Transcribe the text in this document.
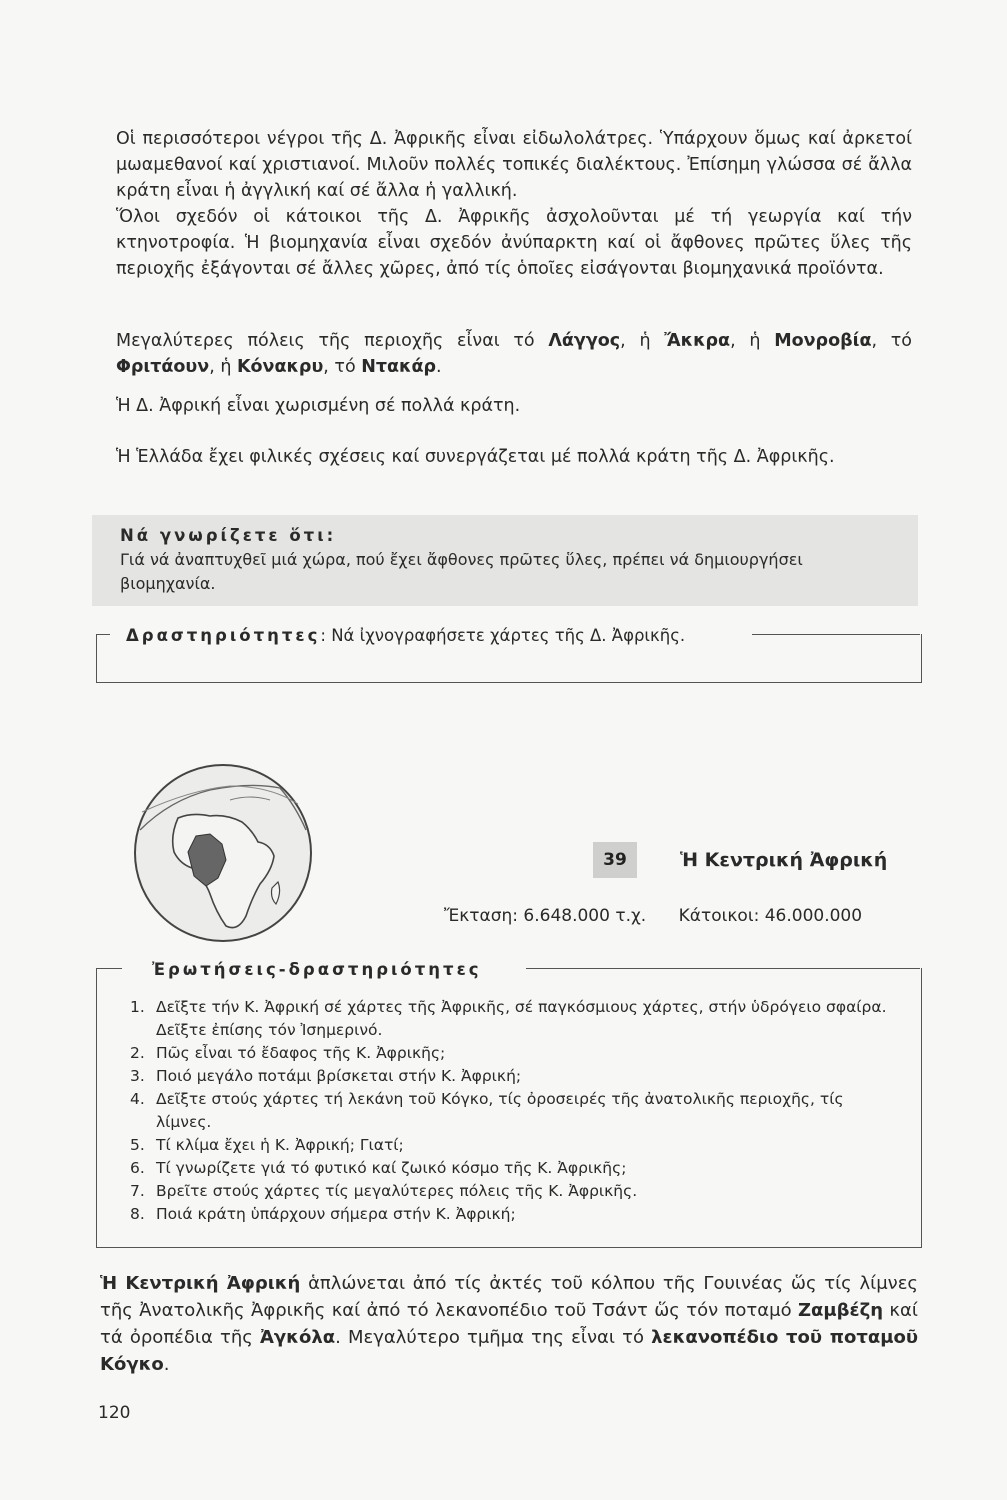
Οἱ περισσότεροι νέγροι τῆς Δ. Ἀφρικῆς εἶναι εἰδωλολάτρες. Ὑπάρχουν ὅμως καί ἀρκετοί μωαμεθανοί καί χριστιανοί. Μιλοῦν πολλές τοπικές διαλέκτους. Ἐπίσημη γλώσσα σέ ἄλλα κράτη εἶναι ἡ ἀγγλική καί σέ ἄλλα ἡ γαλλική.

Ὅλοι σχεδόν οἱ κάτοικοι τῆς Δ. Ἀφρικῆς ἀσχολοῦνται μέ τή γεωργία καί τήν κτηνοτροφία. Ἡ βιομηχανία εἶναι σχεδόν ἀνύπαρκτη καί οἱ ἄφθονες πρῶτες ὕλες τῆς περιοχῆς ἐξάγονται σέ ἄλλες χῶρες, ἀπό τίς ὁποῖες εἰσάγονται βιομηχανικά προϊόντα.

Μεγαλύτερες πόλεις τῆς περιοχῆς εἶναι τό Λάγγος, ἡ Ἄκκρα, ἡ Μονροβία, τό Φριτάουν, ἡ Κόνακρυ, τό Ντακάρ.

Ἡ Δ. Ἀφρική εἶναι χωρισμένη σέ πολλά κράτη.

Ἡ Ἑλλάδα ἔχει φιλικές σχέσεις καί συνεργάζεται μέ πολλά κράτη τῆς Δ. Ἀφρικῆς.

Νά γνωρίζετε ὅτι:

Γιά νά ἀναπτυχθεῖ μιά χώρα, πού ἔχει ἄφθονες πρῶτες ὕλες, πρέπει νά δημιουργήσει βιομηχανία.

Δραστηριότητες: Νά ἰχνογραφήσετε χάρτες τῆς Δ. Ἀφρικῆς.

39	Ἡ Κεντρική Ἀφρική

Ἔκταση: 6.648.000 τ.χ. Κάτοικοι: 46.000.000

Ἐρωτήσεις-δραστηριότητες

1. Δεῖξτε τήν Κ. Ἀφρική σέ χάρτες τῆς Ἀφρικῆς, σέ παγκόσμιους χάρτες, στήν ὑδρόγειο σφαίρα. Δεῖξτε ἐπίσης τόν Ἰσημερινό.
2. Πῶς εἶναι τό ἔδαφος τῆς Κ. Ἀφρικῆς;
3. Ποιό μεγάλο ποτάμι βρίσκεται στήν Κ. Ἀφρική;
4. Δεῖξτε στούς χάρτες τή λεκάνη τοῦ Κόγκο, τίς ὀροσειρές τῆς ἀνατολικῆς περιοχῆς, τίς λίμνες.
5. Τί κλίμα ἔχει ἡ Κ. Ἀφρική; Γιατί;
6. Τί γνωρίζετε γιά τό φυτικό καί ζωικό κόσμο τῆς Κ. Ἀφρικῆς;
7. Βρεῖτε στούς χάρτες τίς μεγαλύτερες πόλεις τῆς Κ. Ἀφρικῆς.
8. Ποιά κράτη ὑπάρχουν σήμερα στήν Κ. Ἀφρική;

Ἡ Κεντρική Ἀφρική ἁπλώνεται ἀπό τίς ἀκτές τοῦ κόλπου τῆς Γουινέας ὥς τίς λίμνες τῆς Ἀνατολικῆς Ἀφρικῆς καί ἀπό τό λεκανοπέδιο τοῦ Τσάντ ὥς τόν ποταμό Ζαμβέζη καί τά ὀροπέδια τῆς Ἀγκόλα. Μεγαλύτερο τμῆμα της εἶναι τό λεκανοπέδιο τοῦ ποταμοῦ Κόγκο.

120
